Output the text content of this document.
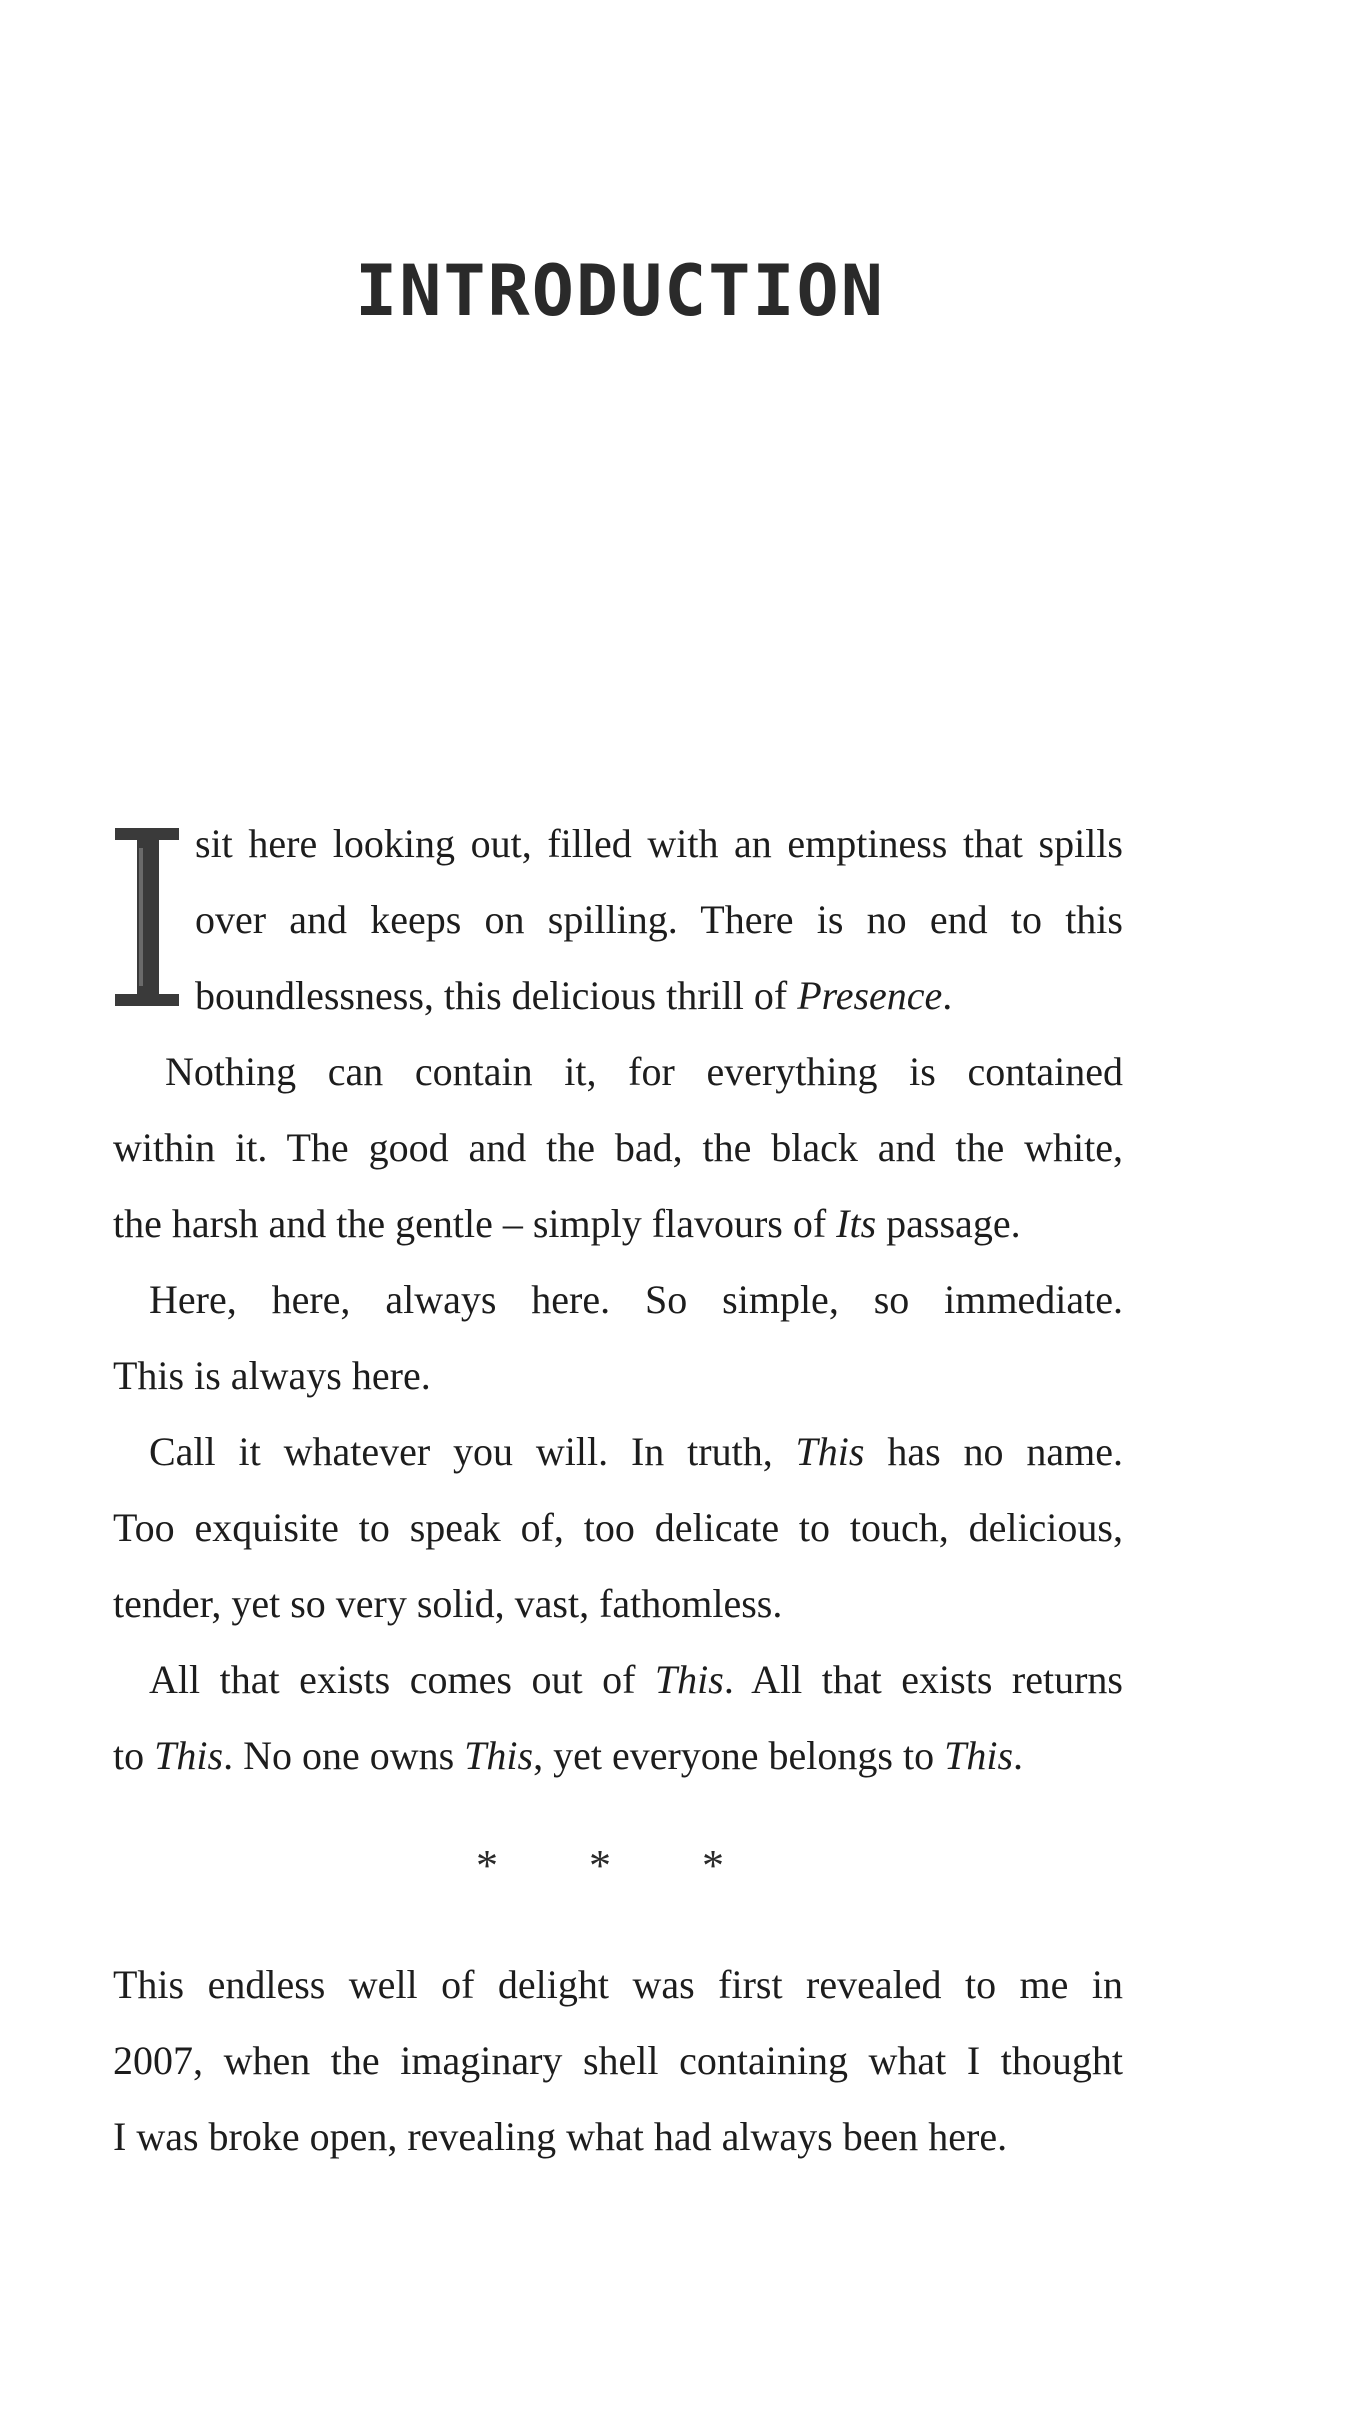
INTRODUCTION
sit here looking out, filled with an emptiness that spills
over and keeps on spilling. There is no end to this
boundlessness, this delicious thrill of Presence.
Nothing can contain it, for everything is contained
within it. The good and the bad, the black and the white,
the harsh and the gentle – simply flavours of Its passage.
Here, here, always here. So simple, so immediate.
This is always here.
Call it whatever you will. In truth, This has no name.
Too exquisite to speak of, too delicate to touch, delicious,
tender, yet so very solid, vast, fathomless.
All that exists comes out of This. All that exists returns
to This. No one owns This, yet everyone belongs to This.
* * *
This endless well of delight was first revealed to me in
2007, when the imaginary shell containing what I thought
I was broke open, revealing what had always been here.
